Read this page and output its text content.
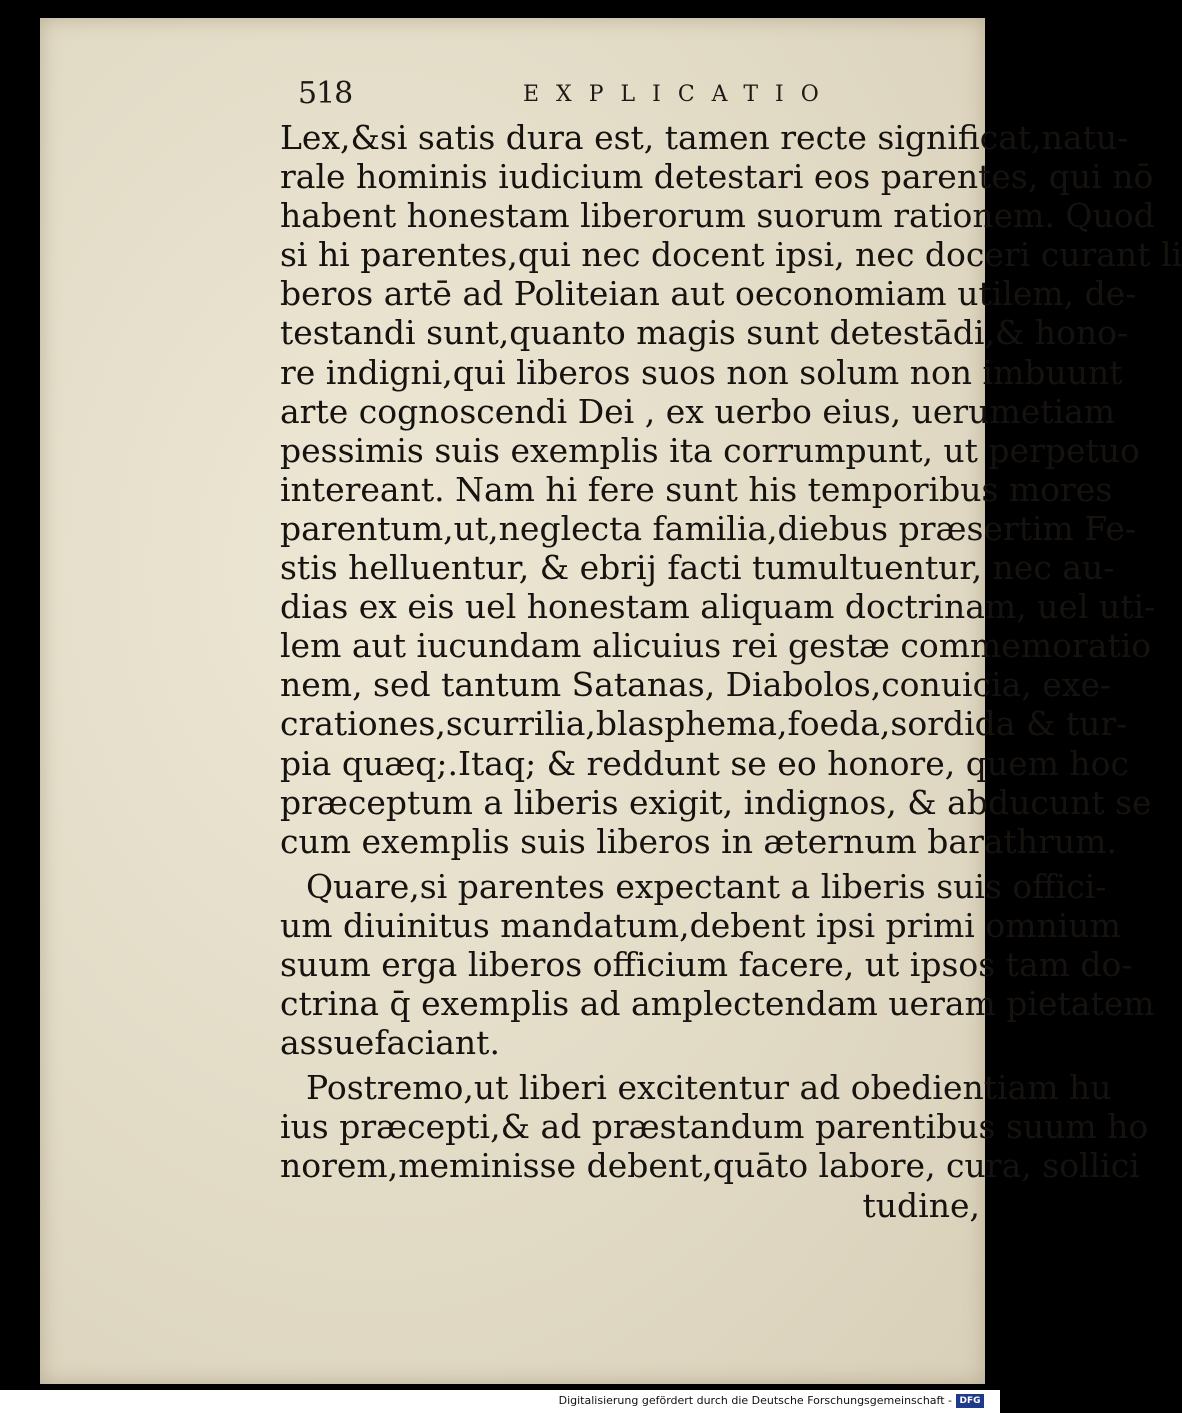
518	EXPLICATIO
Lex,&si satis dura est, tamen recte significat,natu-
rale hominis iudicium detestari eos parentes, qui nō
habent honestam liberorum suorum rationem. Quod
si hi parentes,qui nec docent ipsi, nec doceri curant li
beros artē ad Politeian aut oeconomiam utilem, de-
testandi sunt,quanto magis sunt detestādi,& hono-
re indigni,qui liberos suos non solum non imbuunt
arte cognoscendi Dei , ex uerbo eius, uerumetiam
pessimis suis exemplis ita corrumpunt, ut perpetuo
intereant. Nam hi fere sunt his temporibus mores
parentum,ut,neglecta familia,diebus præsertim Fe-
stis helluentur, & ebrij facti tumultuentur, nec au-
dias ex eis uel honestam aliquam doctrinam, uel uti-
lem aut iucundam alicuius rei gestæ commemoratio
nem, sed tantum Satanas, Diabolos,conuicia, exe-
crationes,scurrilia,blasphema,foeda,sordida & tur-
pia quæq;.Itaq; & reddunt se eo honore, quem hoc
præceptum a liberis exigit, indignos, & abducunt se
cum exemplis suis liberos in æternum barathrum.
Quare,si parentes expectant a liberis suis offici-
um diuinitus mandatum,debent ipsi primi omnium
suum erga liberos officium facere, ut ipsos tam do-
ctrina q̄ exemplis ad amplectendam ueram pietatem
assuefaciant.
Postremo,ut liberi excitentur ad obedientiam hu
ius præcepti,& ad præstandum parentibus suum ho
norem,meminisse debent,quāto labore, cura, sollici
tudine,
Digitalisierung gefördert durch die Deutsche Forschungsgemeinschaft - DFG
